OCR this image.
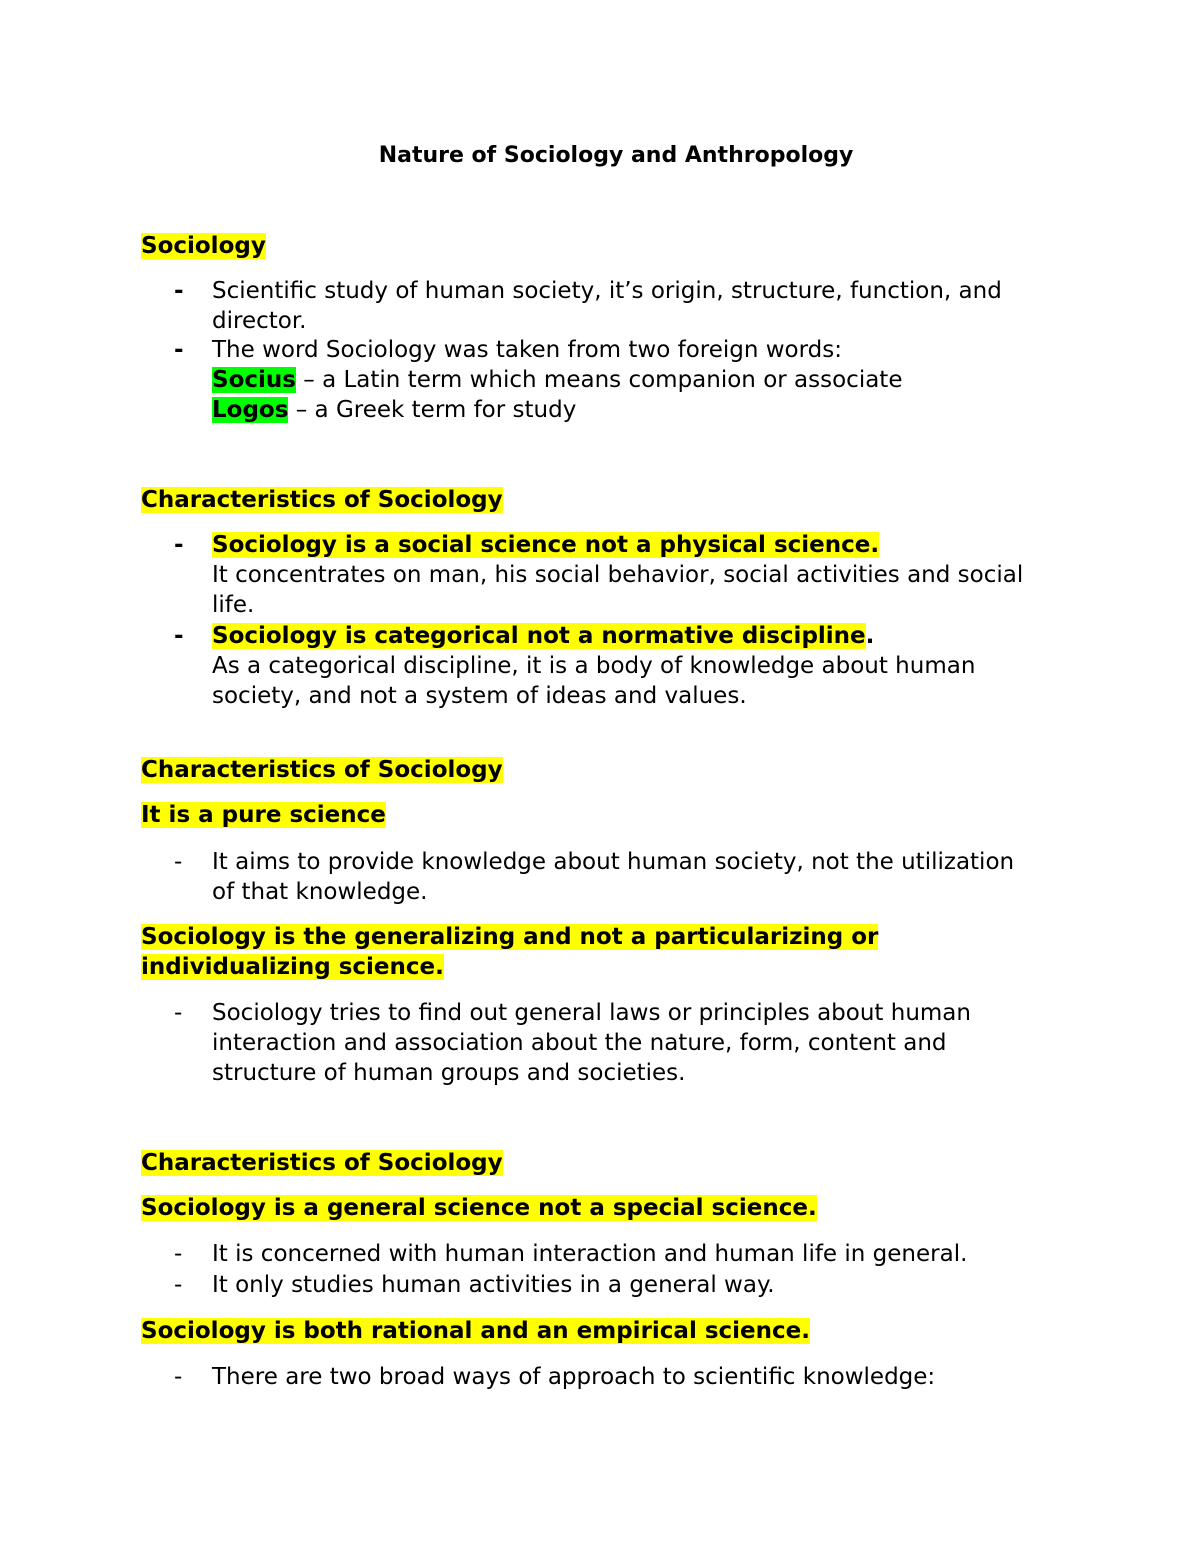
Nature of Sociology and Anthropology
Sociology
- Scientific study of human society, it’s origin, structure, function, and
director.
- The word Sociology was taken from two foreign words:
Socius – a Latin term which means companion or associate
Logos – a Greek term for study
Characteristics of Sociology
- Sociology is a social science not a physical science.
It concentrates on man, his social behavior, social activities and social
life.
- Sociology is categorical not a normative discipline.
As a categorical discipline, it is a body of knowledge about human
society, and not a system of ideas and values.
Characteristics of Sociology
It is a pure science
- It aims to provide knowledge about human society, not the utilization
of that knowledge.
Sociology is the generalizing and not a particularizing or
individualizing science.
- Sociology tries to find out general laws or principles about human
interaction and association about the nature, form, content and
structure of human groups and societies.
Characteristics of Sociology
Sociology is a general science not a special science.
- It is concerned with human interaction and human life in general.
- It only studies human activities in a general way.
Sociology is both rational and an empirical science.
- There are two broad ways of approach to scientific knowledge:
